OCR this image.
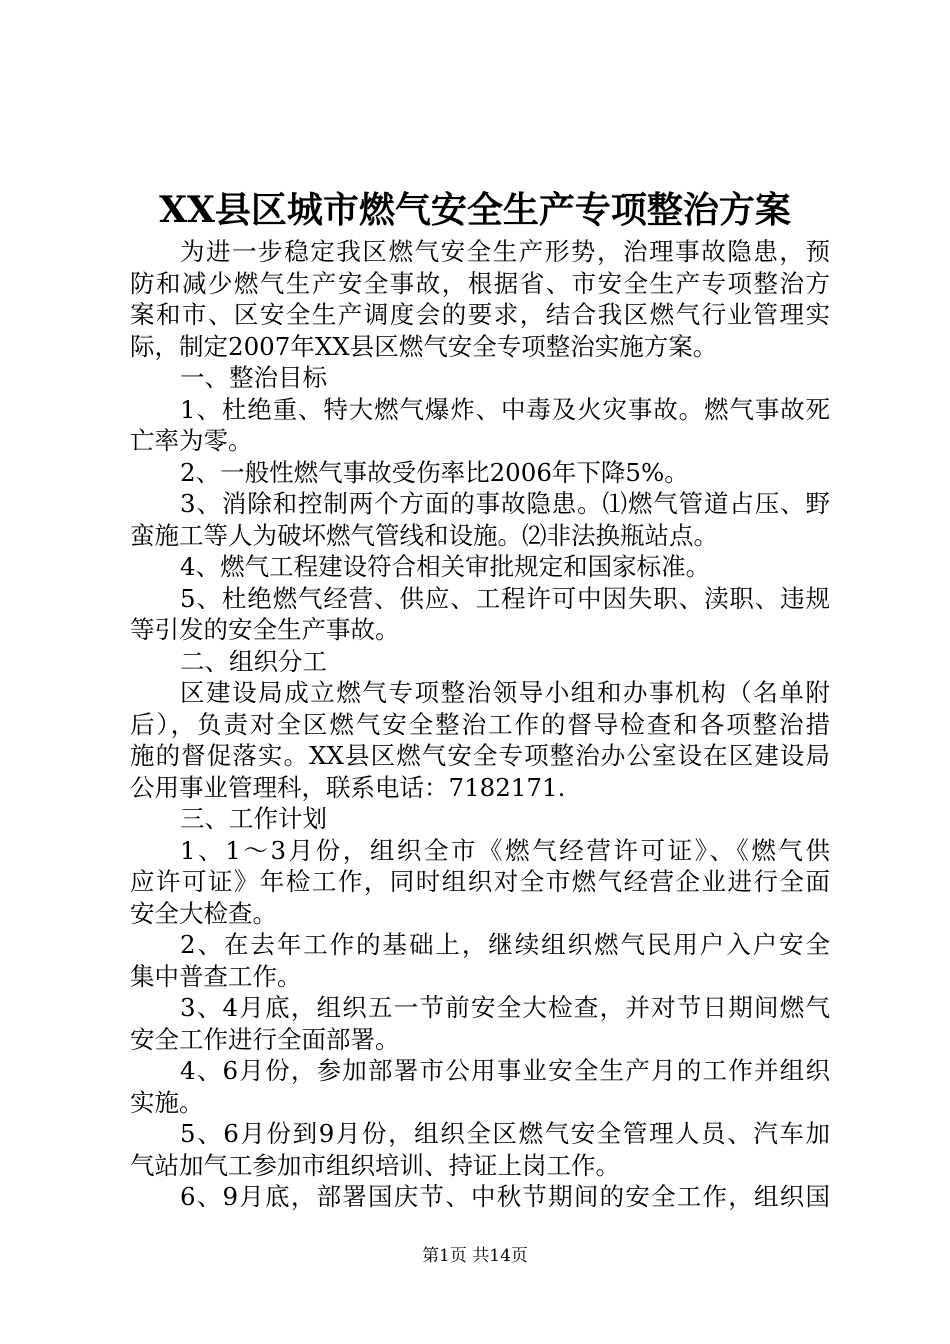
XX县区城市燃气安全生产专项整治方案
为进一步稳定我区燃气安全生产形势，治理事故隐患，预
防和减少燃气生产安全事故，根据省、市安全生产专项整治方
案和市、区安全生产调度会的要求，结合我区燃气行业管理实
际，制定2007年XX县区燃气安全专项整治实施方案。
一、整治目标
1、杜绝重、特大燃气爆炸、中毒及火灾事故。燃气事故死
亡率为零。
2、一般性燃气事故受伤率比2006年下降5%。
3、消除和控制两个方面的事故隐患。⑴燃气管道占压、野
蛮施工等人为破坏燃气管线和设施。⑵非法换瓶站点。
4、燃气工程建设符合相关审批规定和国家标准。
5、杜绝燃气经营、供应、工程许可中因失职、渎职、违规
等引发的安全生产事故。
二、组织分工
区建设局成立燃气专项整治领导小组和办事机构（名单附
后），负责对全区燃气安全整治工作的督导检查和各项整治措
施的督促落实。XX县区燃气安全专项整治办公室设在区建设局
公用事业管理科，联系电话：7182171.
三、工作计划
1、1～3月份，组织全市《燃气经营许可证》、《燃气供
应许可证》年检工作，同时组织对全市燃气经营企业进行全面
安全大检查。
2、在去年工作的基础上，继续组织燃气民用户入户安全
集中普查工作。
3、4月底，组织五一节前安全大检查，并对节日期间燃气
安全工作进行全面部署。
4、6月份，参加部署市公用事业安全生产月的工作并组织
实施。
5、6月份到9月份，组织全区燃气安全管理人员、汽车加
气站加气工参加市组织培训、持证上岗工作。
6、9月底，部署国庆节、中秋节期间的安全工作，组织国
第1页 共14页
